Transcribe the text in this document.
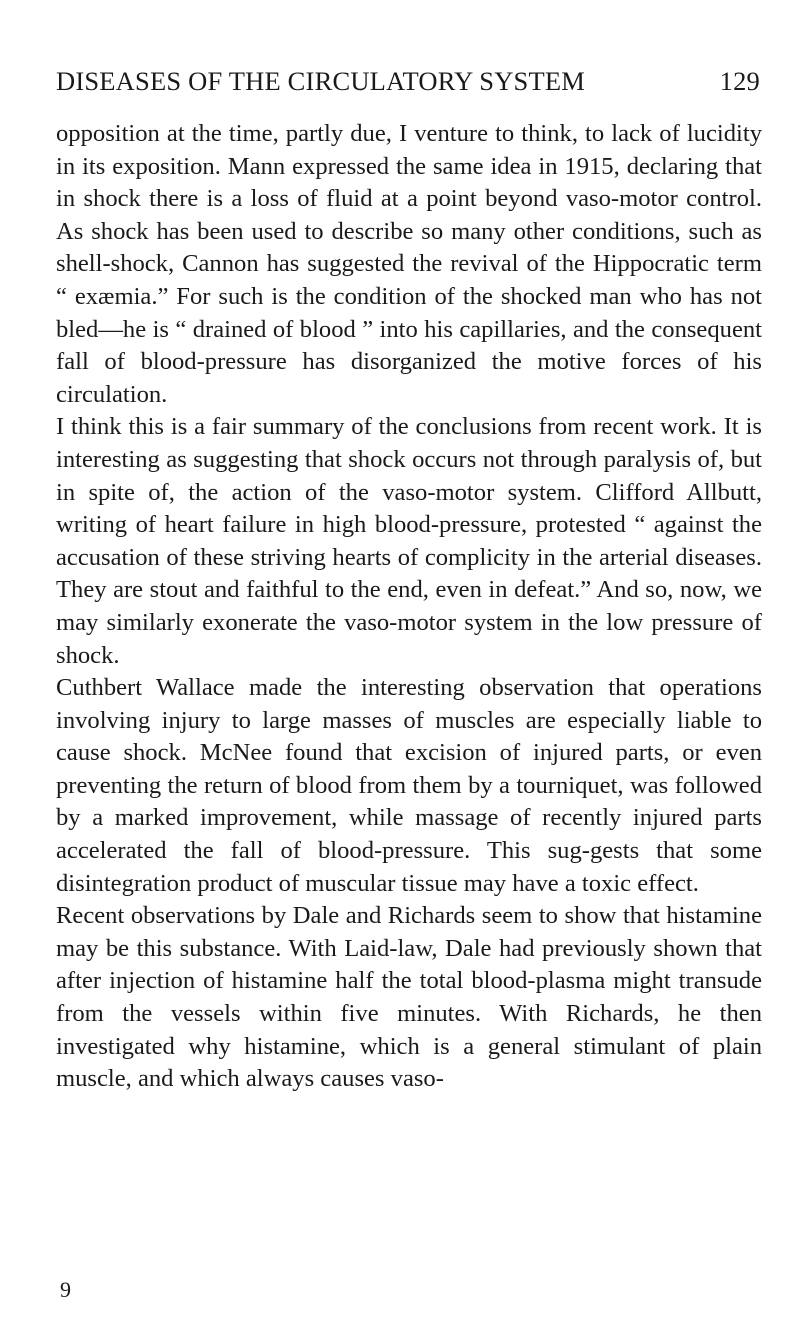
DISEASES OF THE CIRCULATORY SYSTEM	129

opposition at the time, partly due, I venture to think, to lack of lucidity in its exposition. Mann expressed the same idea in 1915, declaring that in shock there is a loss of fluid at a point beyond vaso-motor control. As shock has been used to describe so many other conditions, such as shell-shock, Cannon has suggested the revival of the Hippocratic term “ exæmia.” For such is the condition of the shocked man who has not bled—he is “ drained of blood ” into his capillaries, and the consequent fall of blood-pressure has disorganized the motive forces of his circulation.

I think this is a fair summary of the conclusions from recent work. It is interesting as suggesting that shock occurs not through paralysis of, but in spite of, the action of the vaso-motor system. Clifford Allbutt, writing of heart failure in high blood-pressure, protested “ against the accusation of these striving hearts of complicity in the arterial diseases. They are stout and faithful to the end, even in defeat.” And so, now, we may similarly exonerate the vaso-motor system in the low pressure of shock.

Cuthbert Wallace made the interesting observation that operations involving injury to large masses of muscles are especially liable to cause shock. McNee found that excision of injured parts, or even preventing the return of blood from them by a tourniquet, was followed by a marked improvement, while massage of recently injured parts accelerated the fall of blood-pressure. This sug-gests that some disintegration product of muscular tissue may have a toxic effect.

Recent observations by Dale and Richards seem to show that histamine may be this substance. With Laid-law, Dale had previously shown that after injection of histamine half the total blood-plasma might transude from the vessels within five minutes. With Richards, he then investigated why histamine, which is a general stimulant of plain muscle, and which always causes vaso-

9
